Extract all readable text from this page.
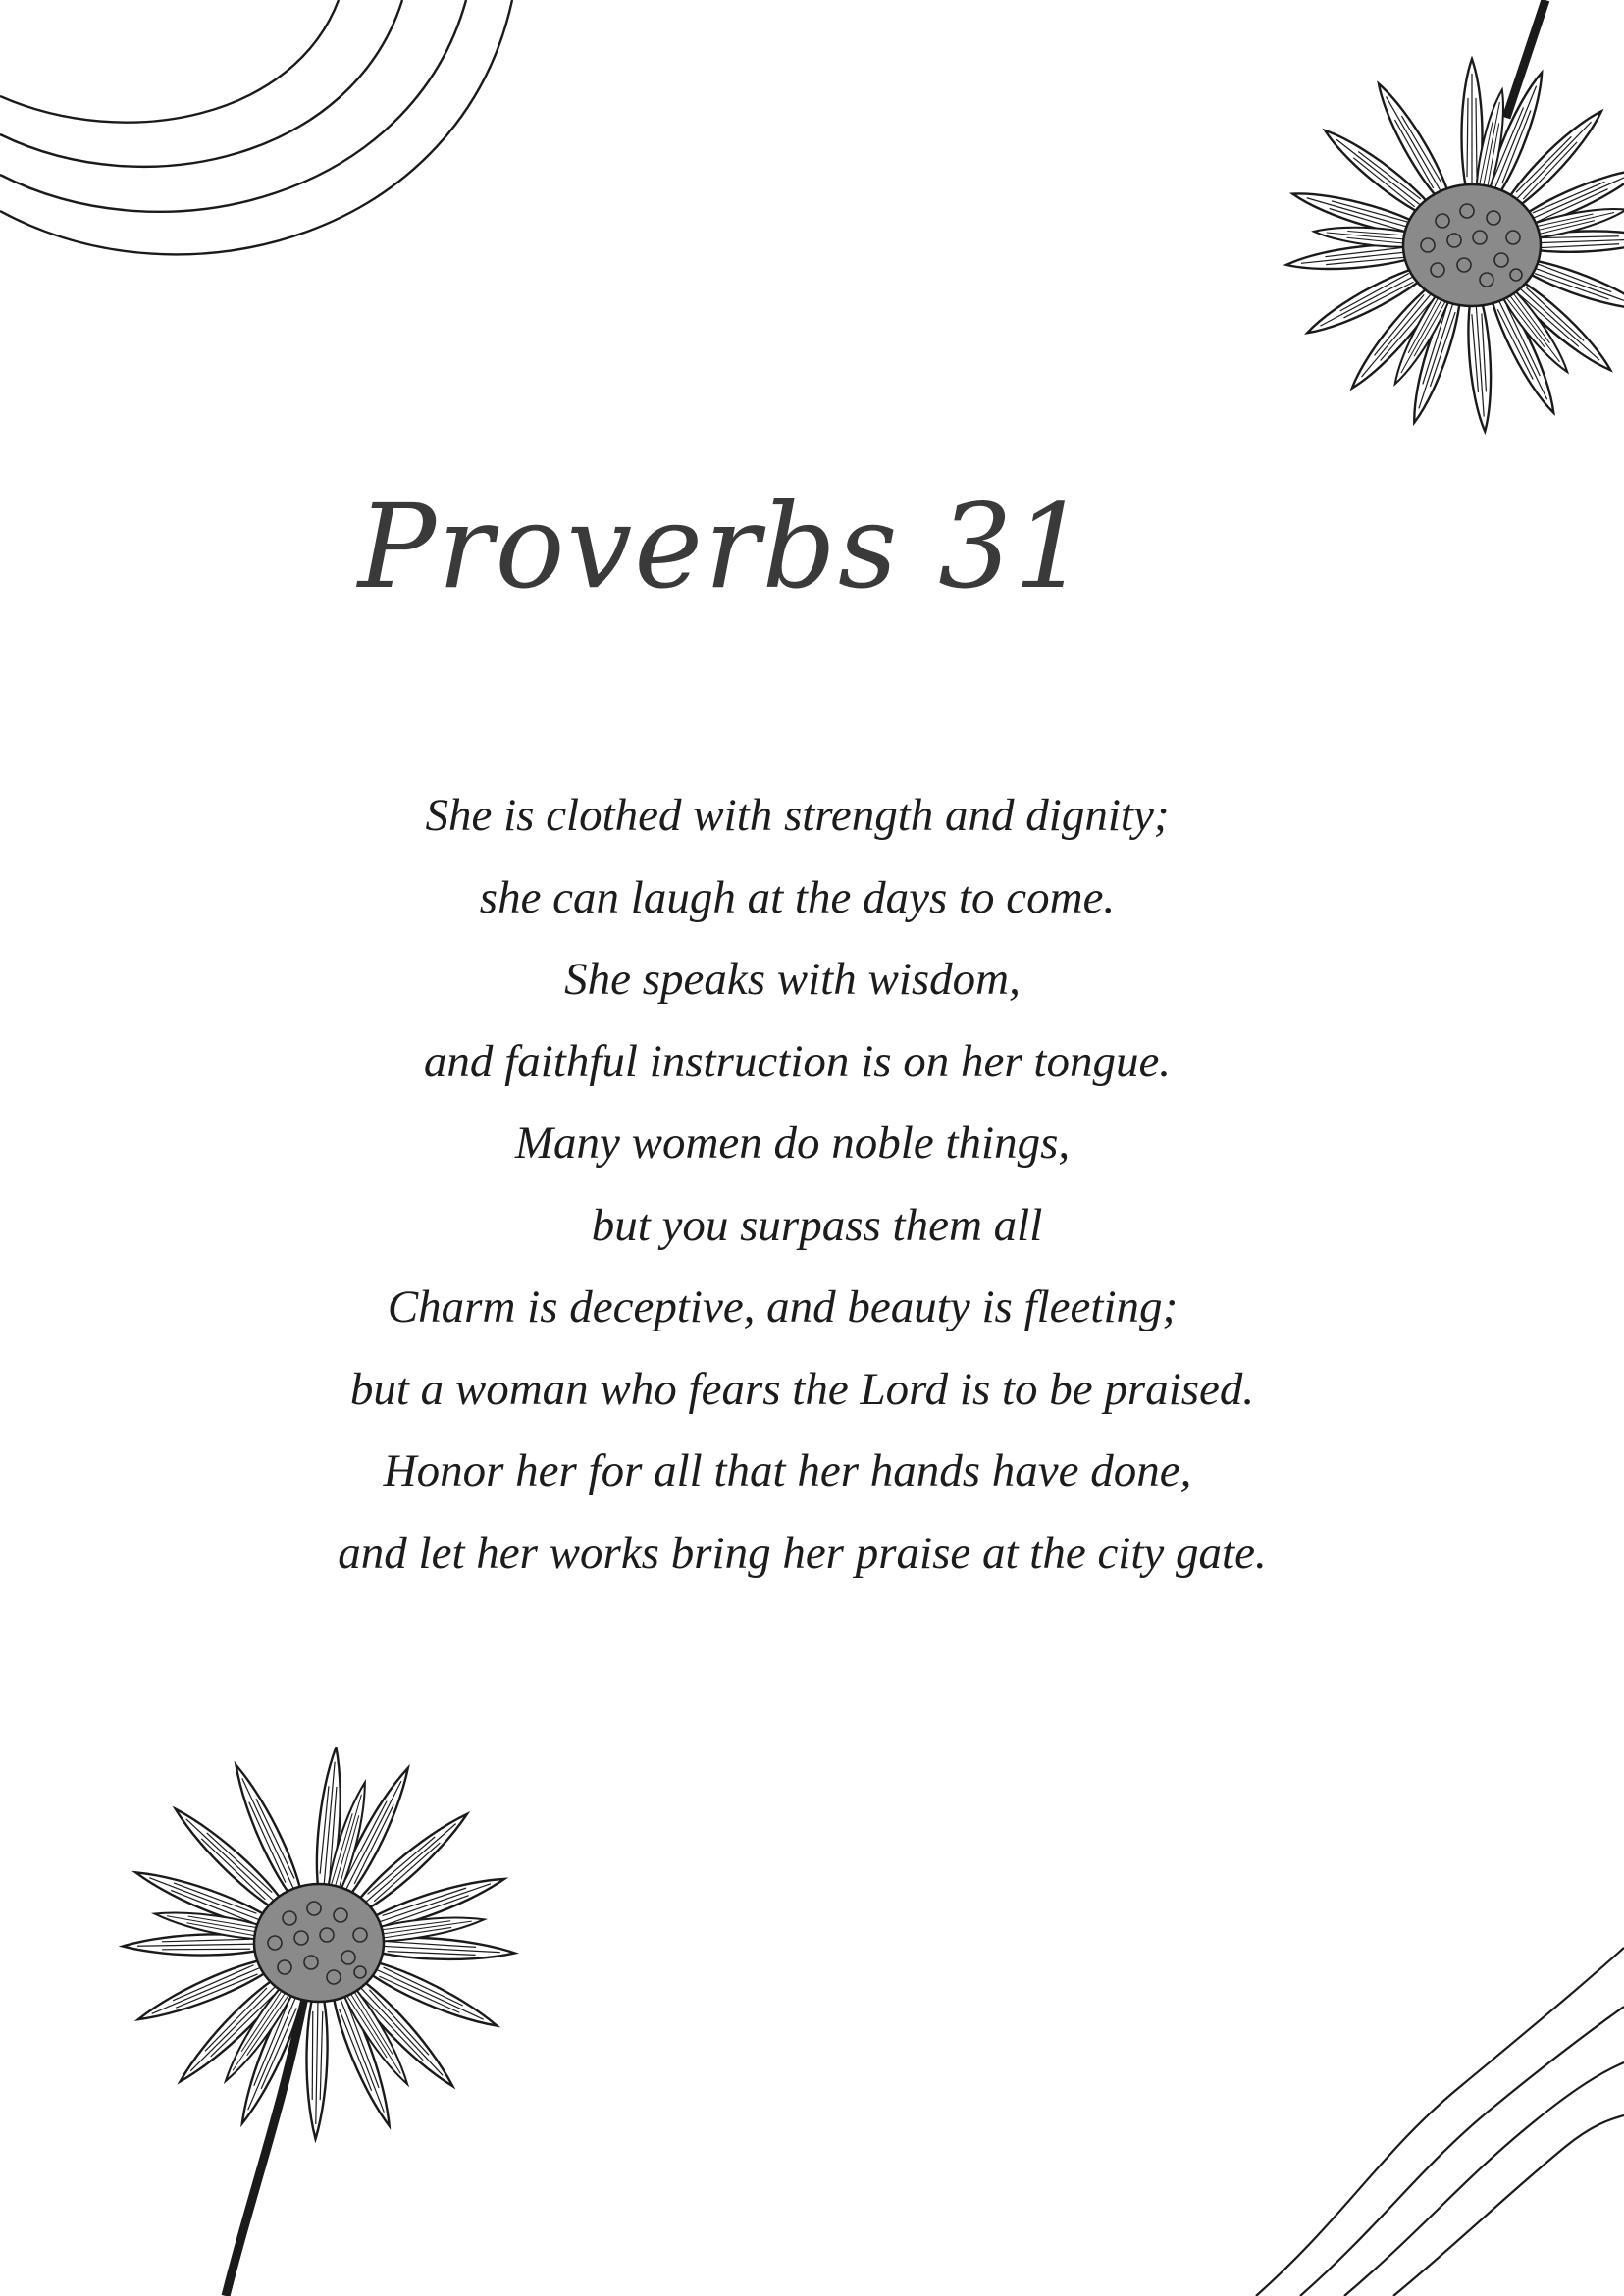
Proverbs 31
She is clothed with strength and dignity;
she can laugh at the days to come.
She speaks with wisdom,
and faithful instruction is on her tongue.
Many women do noble things,
but you surpass them all
Charm is deceptive, and beauty is fleeting;
but a woman who fears the Lord is to be praised.
Honor her for all that her hands have done,
and let her works bring her praise at the city gate.
